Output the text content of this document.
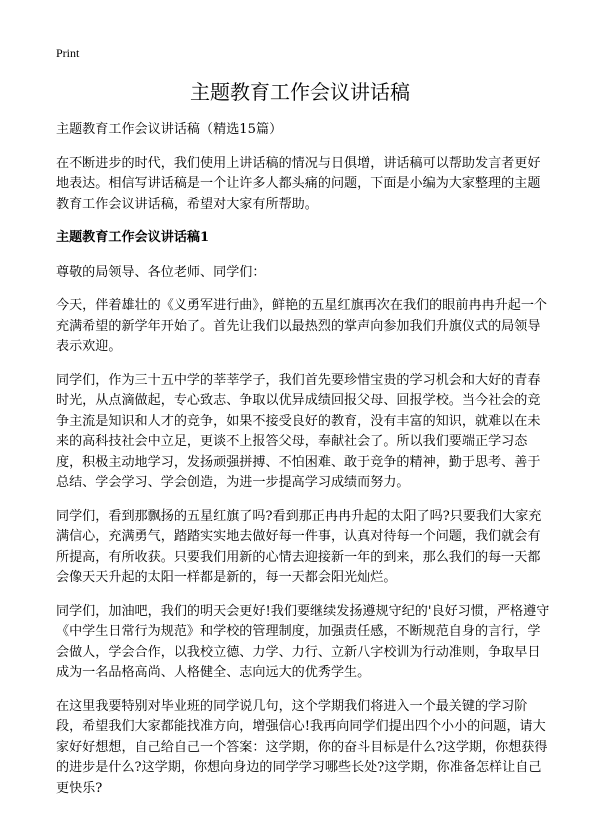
Print
主题教育工作会议讲话稿

主题教育工作会议讲话稿（精选15篇）

在不断进步的时代，我们使用上讲话稿的情况与日俱增，讲话稿可以帮助发言者更好地表达。相信写讲话稿是一个让许多人都头痛的问题，下面是小编为大家整理的主题教育工作会议讲话稿，希望对大家有所帮助。

主题教育工作会议讲话稿1

尊敬的局领导、各位老师、同学们：

今天，伴着雄壮的《义勇军进行曲》，鲜艳的五星红旗再次在我们的眼前冉冉升起一个充满希望的新学年开始了。首先让我们以最热烈的掌声向参加我们升旗仪式的局领导表示欢迎。

同学们，作为三十五中学的莘莘学子，我们首先要珍惜宝贵的学习机会和大好的青春时光，从点滴做起，专心致志、争取以优异成绩回报父母、回报学校。当今社会的竞争主流是知识和人才的竞争，如果不接受良好的教育，没有丰富的知识，就难以在未来的高科技社会中立足，更谈不上报答父母，奉献社会了。所以我们要端正学习态度，积极主动地学习，发扬顽强拼搏、不怕困难、敢于竞争的精神，勤于思考、善于总结、学会学习、学会创造，为进一步提高学习成绩而努力。

同学们，看到那飘扬的五星红旗了吗?看到那正冉冉升起的太阳了吗?只要我们大家充满信心，充满勇气，踏踏实实地去做好每一件事，认真对待每一个问题，我们就会有所提高，有所收获。只要我们用新的心情去迎接新一年的到来，那么我们的每一天都会像天天升起的太阳一样都是新的，每一天都会阳光灿烂。

同学们，加油吧，我们的明天会更好!我们要继续发扬遵规守纪的'良好习惯，严格遵守《中学生日常行为规范》和学校的管理制度，加强责任感，不断规范自身的言行，学会做人，学会合作，以我校立德、力学、力行、立新八字校训为行动准则，争取早日成为一名品格高尚、人格健全、志向远大的优秀学生。

在这里我要特别对毕业班的同学说几句，这个学期我们将进入一个最关键的学习阶段，希望我们大家都能找准方向，增强信心!我再向同学们提出四个小小的问题，请大家好好想想，自己给自己一个答案：这学期，你的奋斗目标是什么?这学期，你想获得的进步是什么?这学期，你想向身边的同学学习哪些长处?这学期，你准备怎样让自己更快乐?
